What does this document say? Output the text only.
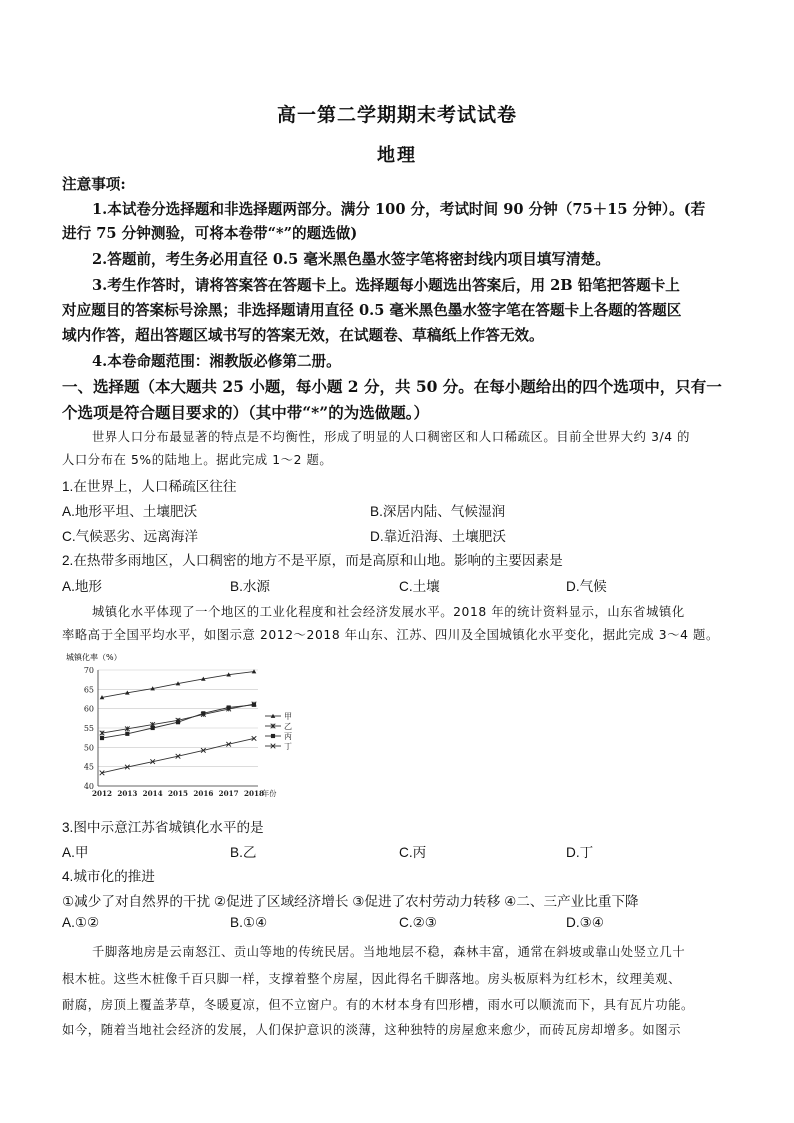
高一第二学期期末考试试卷
地理
注意事项:
1.本试卷分选择题和非选择题两部分。满分 100 分，考试时间 90 分钟（75＋15 分钟）。(若
进行 75 分钟测验，可将本卷带“*”的题选做)
2.答题前，考生务必用直径 0.5 毫米黑色墨水签字笔将密封线内项目填写清楚。
3.考生作答时，请将答案答在答题卡上。选择题每小题选出答案后，用 2B 铅笔把答题卡上
对应题目的答案标号涂黑；非选择题请用直径 0.5 毫米黑色墨水签字笔在答题卡上各题的答题区
域内作答，超出答题区域书写的答案无效，在试题卷、草稿纸上作答无效。
4.本卷命题范围：湘教版必修第二册。
一、选择题（本大题共 25 小题，每小题 2 分，共 50 分。在每小题给出的四个选项中，只有一
个选项是符合题目要求的）（其中带“*”的为选做题。）
世界人口分布最显著的特点是不均衡性，形成了明显的人口稠密区和人口稀疏区。目前全世界大约 3/4 的
人口分布在 5%的陆地上。据此完成 1～2 题。
1.在世界上，人口稀疏区往往
A.地形平坦、土壤肥沃	B.深居内陆、气候湿润
C.气候恶劣、远离海洋	D.靠近沿海、土壤肥沃
2.在热带多雨地区，人口稠密的地方不是平原，而是高原和山地。影响的主要因素是
A.地形	B.水源	C.土壤	D.气候
城镇化水平体现了一个地区的工业化程度和社会经济发展水平。2018 年的统计资料显示，山东省城镇化
率略高于全国平均水平，如图示意 2012～2018 年山东、江苏、四川及全国城镇化水平变化，据此完成 3～4 题。
城镇化率（%）
70
65
60
55
50
45
40
2012 2013 2014 2015 2016 2017 2018
年份
甲
乙
丙
丁
3.图中示意江苏省城镇化水平的是
A.甲	B.乙	C.丙	D.丁
4.城市化的推进
①减少了对自然界的干扰 ②促进了区域经济增长 ③促进了农村劳动力转移 ④二、三产业比重下降
A.①②	B.①④	C.②③	D.③④
千脚落地房是云南怒江、贡山等地的传统民居。当地地层不稳，森林丰富，通常在斜坡或靠山处竖立几十
根木桩。这些木桩像千百只脚一样，支撑着整个房屋，因此得名千脚落地。房头板原料为红杉木，纹理美观、
耐腐，房顶上覆盖茅草，冬暖夏凉，但不立窗户。有的木材本身有凹形槽，雨水可以顺流而下，具有瓦片功能。
如今，随着当地社会经济的发展，人们保护意识的淡薄，这种独特的房屋愈来愈少，而砖瓦房却增多。如图示
